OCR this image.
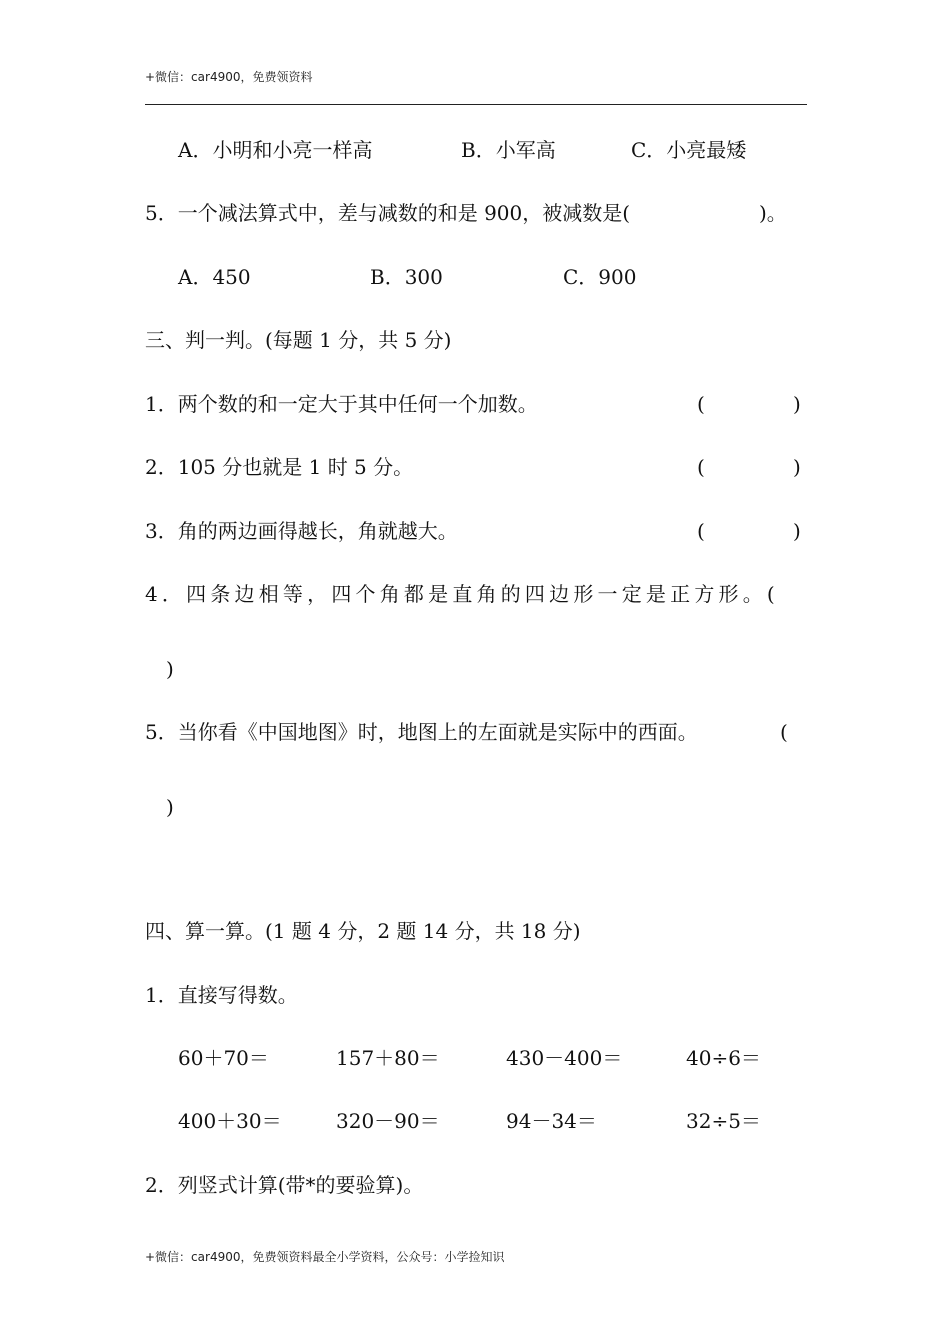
+微信：car4900，免费领资料
A．小明和小亮一样高	B．小军高	C．小亮最矮
5．一个减法算式中，差与减数的和是 900，被减数是(	)。
A．450	B．300	C．900
三、判一判。(每题 1 分，共 5 分)
1．两个数的和一定大于其中任何一个加数。	(	)
2．105 分也就是 1 时 5 分。	(	)
3．角的两边画得越长，角就越大。	(	)
4．四条边相等，四个角都是直角的四边形一定是正方形。(
)
5．当你看《中国地图》时，地图上的左面就是实际中的西面。	(
)
四、算一算。(1 题 4 分，2 题 14 分，共 18 分)
1．直接写得数。
60＋70＝	157＋80＝	430－400＝	40÷6＝
400＋30＝	320－90＝	94－34＝	32÷5＝
2．列竖式计算(带*的要验算)。
+微信：car4900，免费领资料最全小学资料，公众号：小学捡知识
